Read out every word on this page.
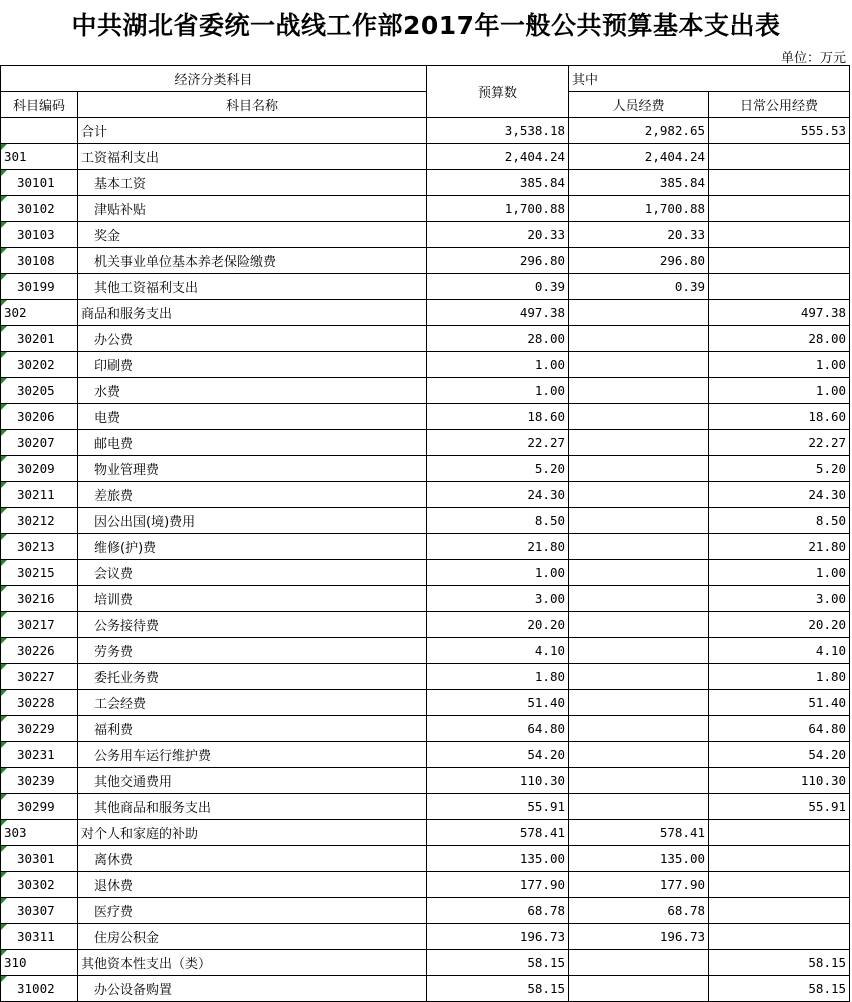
中共湖北省委统一战线工作部2017年一般公共预算基本支出表
单位：万元
经济分类科目		预算数	其中	
科目编码	科目名称		人员经费	日常公用经费
	合计	3,538.18	2,982.65	555.53
301	工资福利支出	2,404.24	2,404.24	
30101	基本工资	385.84	385.84	
30102	津贴补贴	1,700.88	1,700.88	
30103	奖金	20.33	20.33	
30108	机关事业单位基本养老保险缴费	296.80	296.80	
30199	其他工资福利支出	0.39	0.39	
302	商品和服务支出	497.38		497.38
30201	办公费	28.00		28.00
30202	印刷费	1.00		1.00
30205	水费	1.00		1.00
30206	电费	18.60		18.60
30207	邮电费	22.27		22.27
30209	物业管理费	5.20		5.20
30211	差旅费	24.30		24.30
30212	因公出国(境)费用	8.50		8.50
30213	维修(护)费	21.80		21.80
30215	会议费	1.00		1.00
30216	培训费	3.00		3.00
30217	公务接待费	20.20		20.20
30226	劳务费	4.10		4.10
30227	委托业务费	1.80		1.80
30228	工会经费	51.40		51.40
30229	福利费	64.80		64.80
30231	公务用车运行维护费	54.20		54.20
30239	其他交通费用	110.30		110.30
30299	其他商品和服务支出	55.91		55.91
303	对个人和家庭的补助	578.41	578.41	
30301	离休费	135.00	135.00	
30302	退休费	177.90	177.90	
30307	医疗费	68.78	68.78	
30311	住房公积金	196.73	196.73	
310	其他资本性支出（类）	58.15		58.15
31002	办公设备购置	58.15		58.15
